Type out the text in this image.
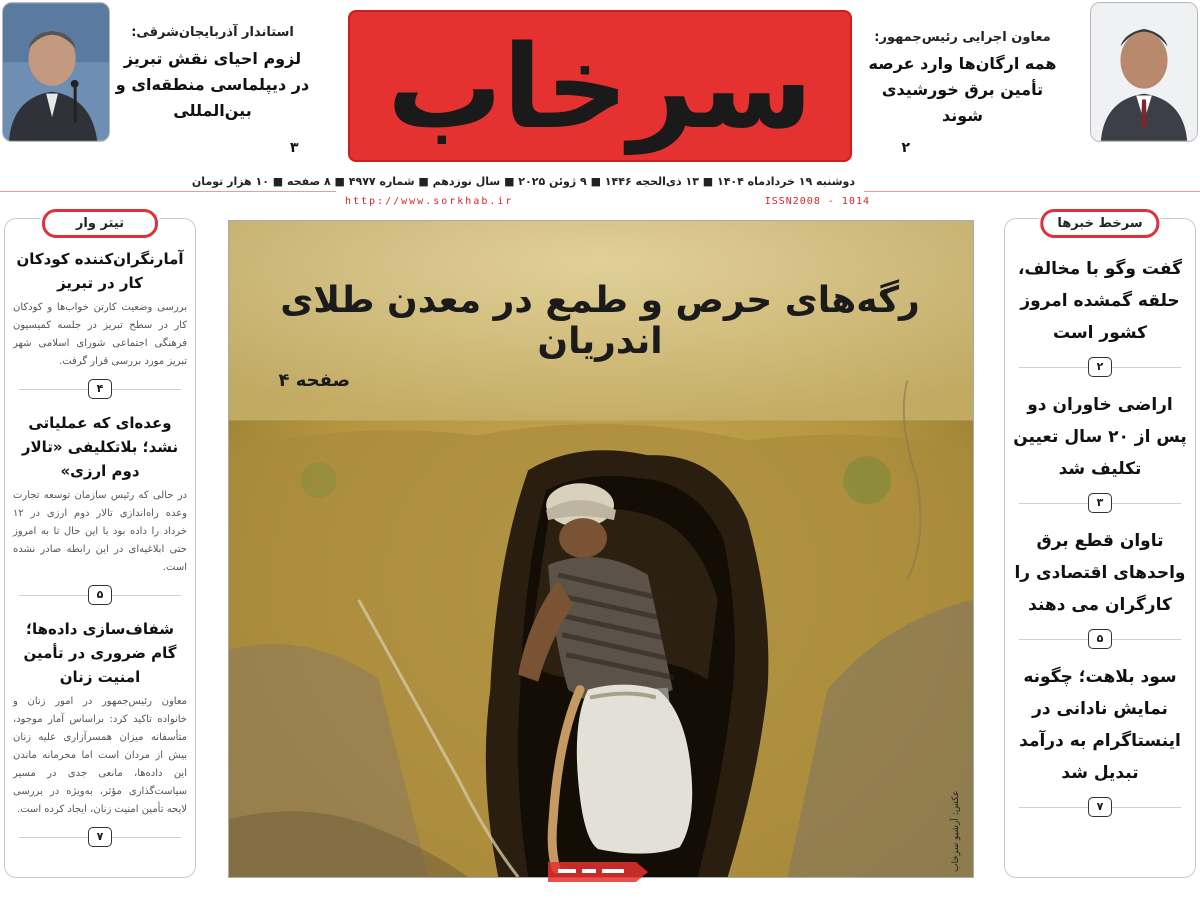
معاون اجرایی رئیس‌جمهور:
همه ارگان‌ها وارد عرصه تأمین برق خورشیدی شوند
۲
سرخاب
استاندار آذربایجان‌شرقی:
لزوم احیای نقش تبریز در دیپلماسی منطقه‌ای و بین‌المللی
۳
دوشنبه ۱۹ خردادماه ۱۴۰۴ ■ ۱۳ ذی‌الحجه ۱۴۴۶ ■ ۹ ژوئن ۲۰۲۵ ■ سال نوزدهم ■ شماره ۴۹۷۷ ■ ۸ صفحه ■ ۱۰ هزار تومان
http://www.sorkhab.ir	ISSN2008 - 1014
سرخط خبرها
گفت وگو با مخالف، حلقه گمشده امروز کشور است
۲
اراضی خاوران دو پس از ۲۰ سال تعیین تکلیف شد
۳
تاوان قطع برق واحدهای اقتصادی را کارگران می دهند
۵
سود بلاهت؛ چگونه نمایش نادانی در اینستاگرام به درآمد تبدیل شد
۷
تیتر وار
آمارنگران‌کننده کودکان کار در تبریز
بررسی وضعیت کارتن خواب‌ها و کودکان کار در سطح تبریز در جلسه کمیسیون فرهنگی اجتماعی شورای اسلامی شهر تبریز مورد بررسی قرار گرفت.
۴
وعده‌ای که عملیاتی نشد؛ بلاتکلیفی «تالار دوم ارزی»
در حالی که رئیس سازمان توسعه تجارت وعده راه‌اندازی تالار دوم ارزی در ۱۲ خرداد را داده بود با این حال تا به امروز حتی ابلاغیه‌ای در این رابطه صادر نشده است.
۵
شفاف‌سازی داده‌ها؛ گام ضروری در تأمین امنیت زنان
معاون رئیس‌جمهور در امور زنان و خانواده تاکید کرد: براساس آمار موجود، متأسفانه میزان همسرآزاری علیه زنان بیش از مردان است اما محرمانه ماندن این داده‌ها، مانعی جدی در مسیر سیاست‌گذاری مؤثر، به‌ویژه در بررسی لایحه تأمین امنیت زنان، ایجاد کرده است.
۷
رگه‌های حرص و طمع در معدن طلای اندریان
صفحه ۴
عکس: آرشیو سرخاب
